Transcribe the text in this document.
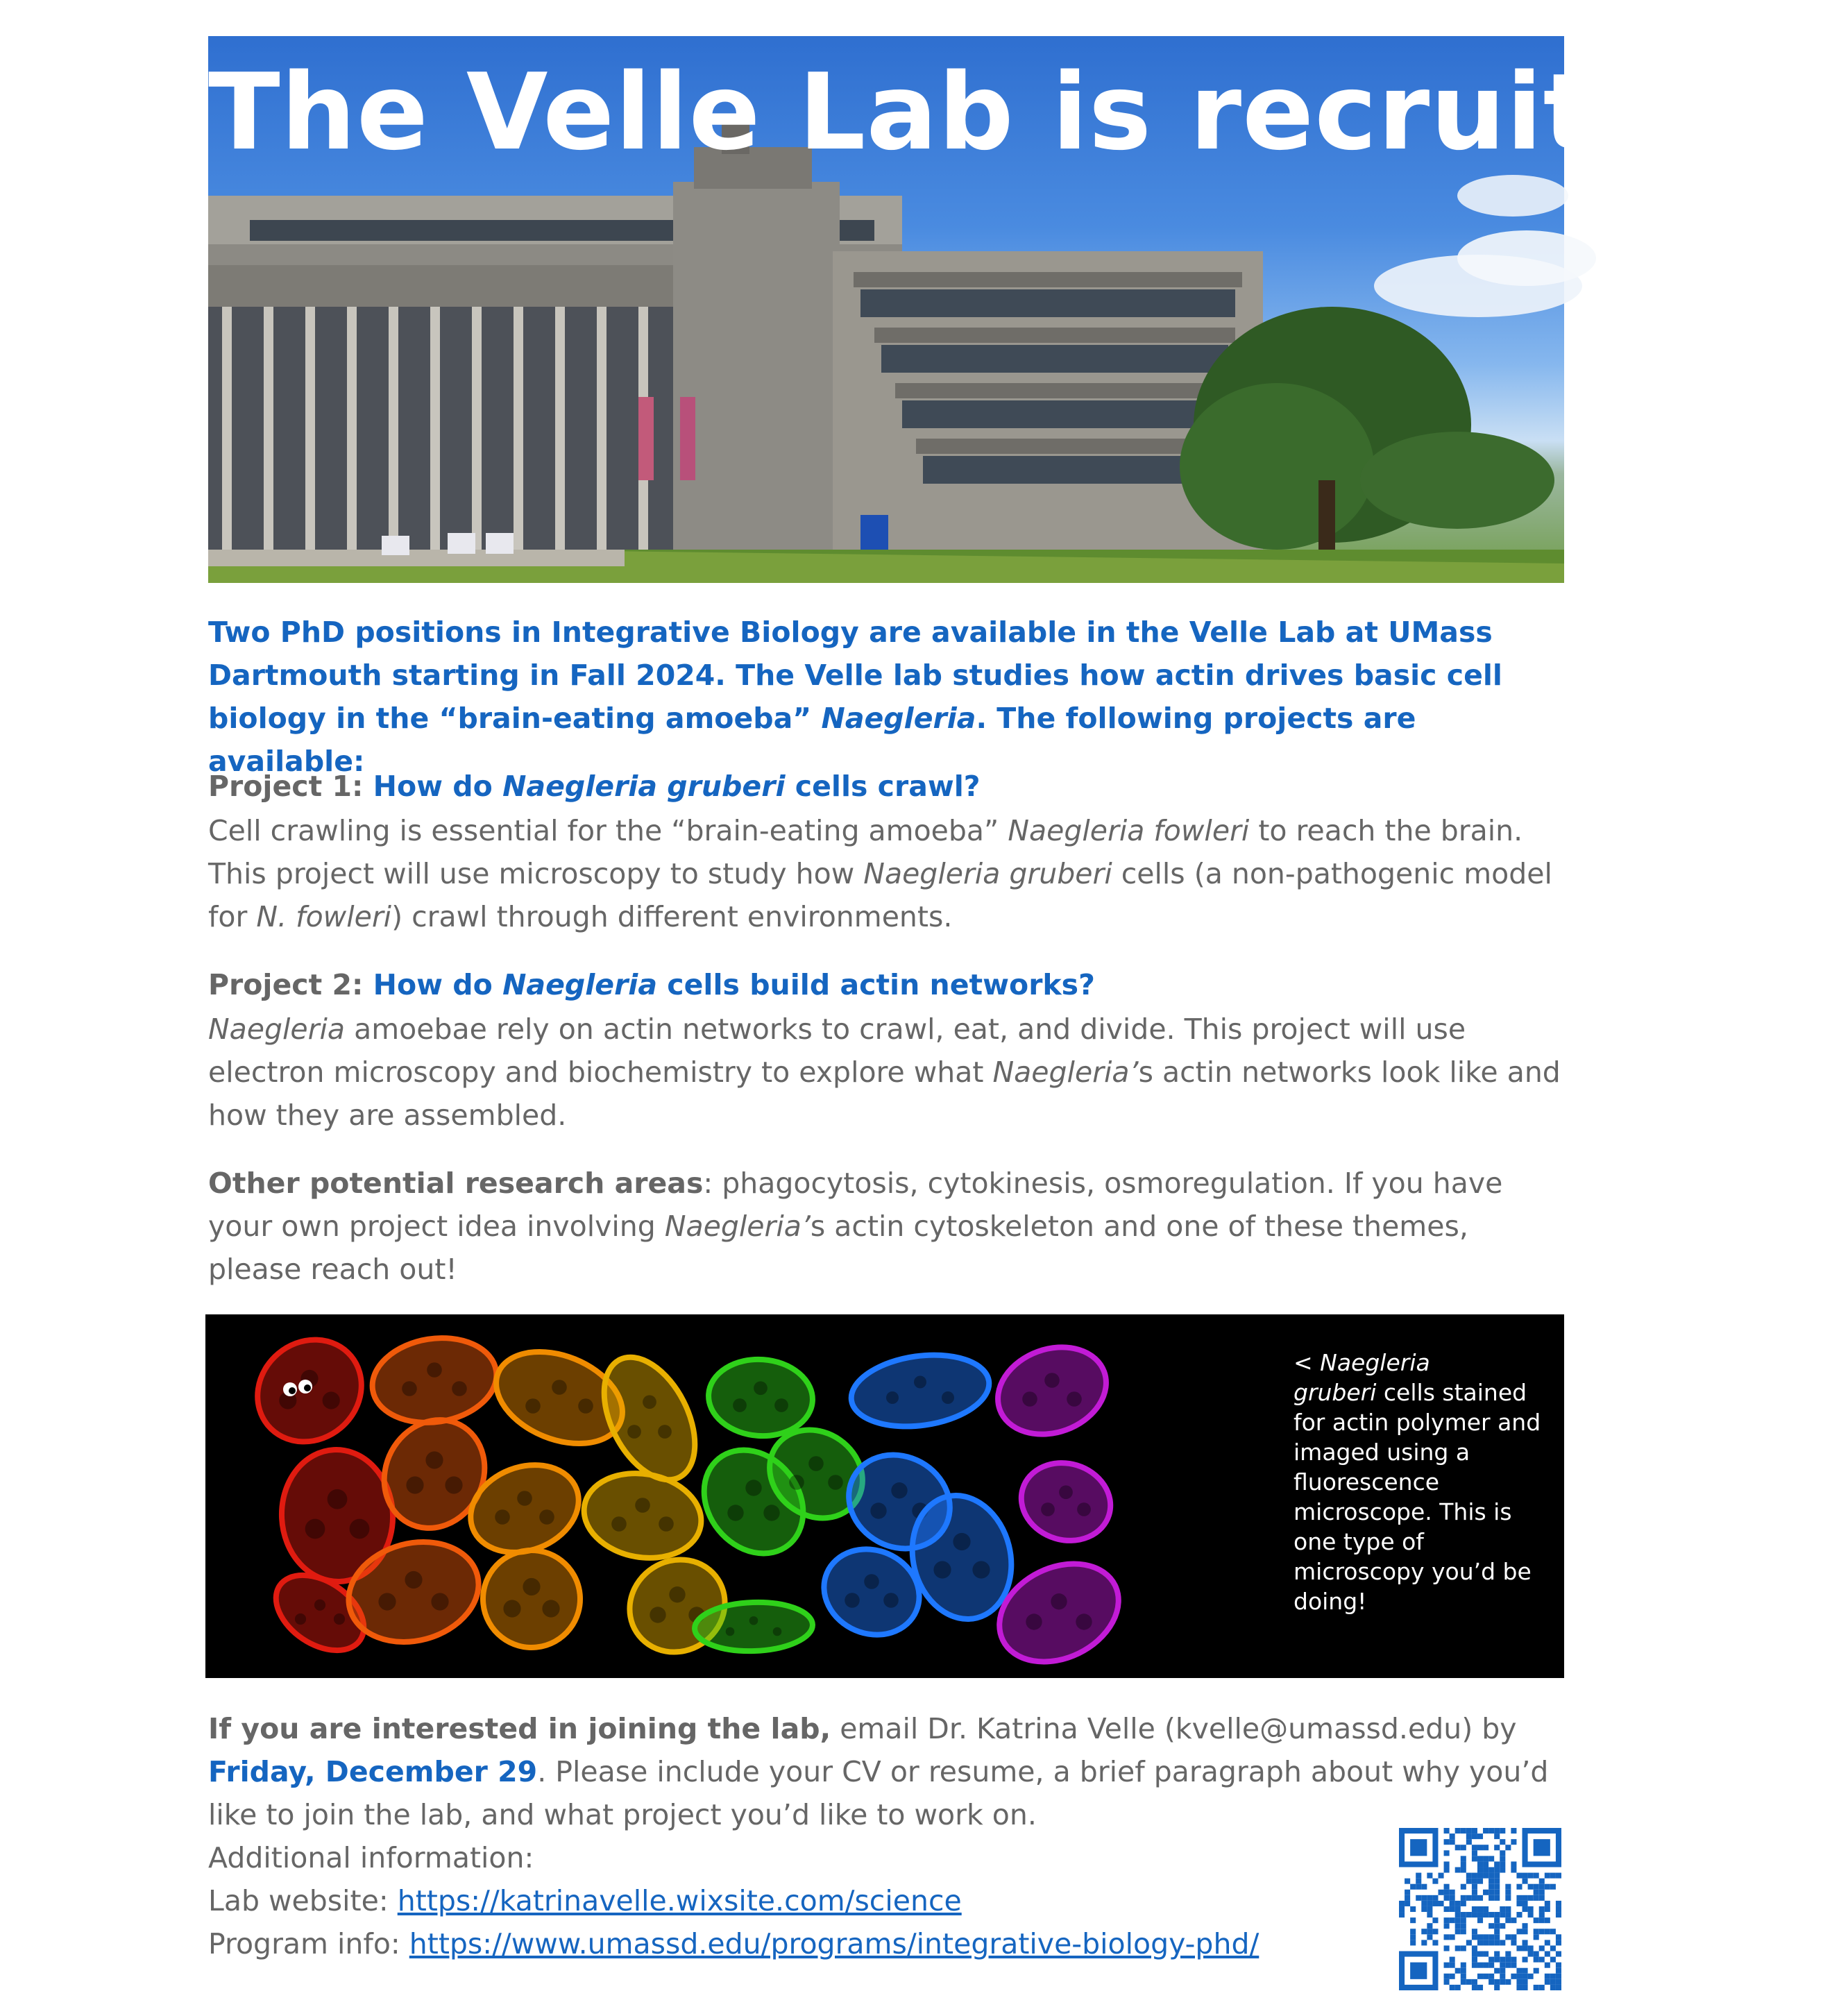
The Velle Lab is recruiting!

Two PhD positions in Integrative Biology are available in the Velle Lab at UMass Dartmouth starting in Fall 2024. The Velle lab studies how actin drives basic cell biology in the “brain-eating amoeba” Naegleria. The following projects are available:

Project 1: How do Naegleria gruberi cells crawl?

Cell crawling is essential for the “brain-eating amoeba” Naegleria fowleri to reach the brain. This project will use microscopy to study how Naegleria gruberi cells (a non-pathogenic model for N. fowleri) crawl through different environments.

Project 2: How do Naegleria cells build actin networks?

Naegleria amoebae rely on actin networks to crawl, eat, and divide. This project will use electron microscopy and biochemistry to explore what Naegleria’s actin networks look like and how they are assembled.

Other potential research areas: phagocytosis, cytokinesis, osmoregulation. If you have your own project idea involving Naegleria’s actin cytoskeleton and one of these themes, please reach out!

< Naegleria
gruberi cells stained for actin polymer and imaged using a fluorescence microscope. This is one type of microscopy you’d be doing!

If you are interested in joining the lab, email Dr. Katrina Velle (kvelle@umassd.edu) by Friday, December 29. Please include your CV or resume, a brief paragraph about why you’d like to join the lab, and what project you’d like to work on.

Additional information:

Lab website: https://katrinavelle.wixsite.com/science

Program info: https://www.umassd.edu/programs/integrative-biology-phd/
